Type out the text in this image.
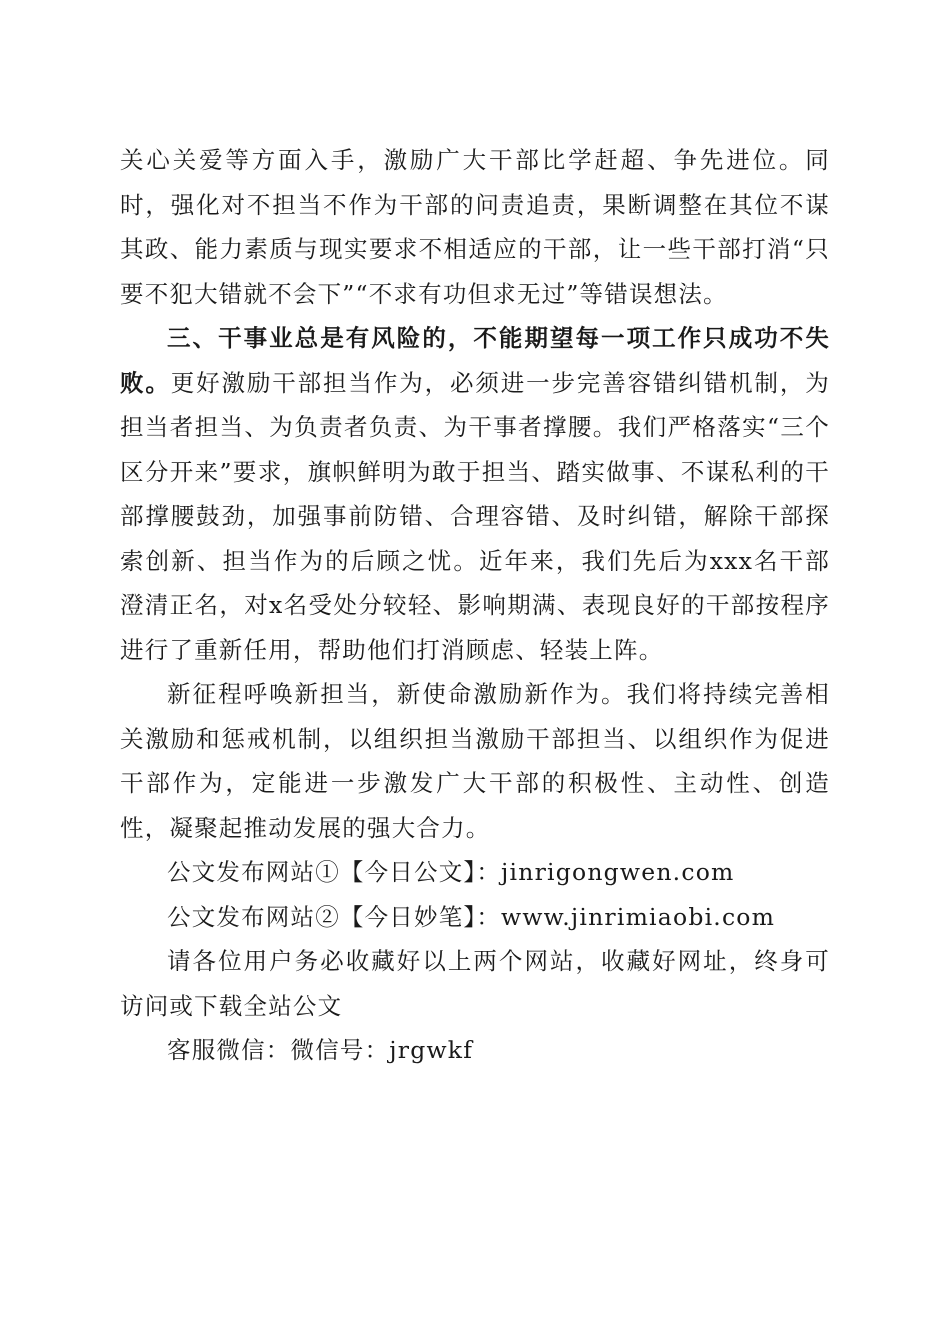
关心关爱等方面入手，激励广大干部比学赶超、争先进位。同时，强化对不担当不作为干部的问责追责，果断调整在其位不谋其政、能力素质与现实要求不相适应的干部，让一些干部打消“只要不犯大错就不会下”“不求有功但求无过”等错误想法。

三、干事业总是有风险的，不能期望每一项工作只成功不失败。更好激励干部担当作为，必须进一步完善容错纠错机制，为担当者担当、为负责者负责、为干事者撑腰。我们严格落实“三个区分开来”要求，旗帜鲜明为敢于担当、踏实做事、不谋私利的干部撑腰鼓劲，加强事前防错、合理容错、及时纠错，解除干部探索创新、担当作为的后顾之忧。近年来，我们先后为xxx名干部澄清正名，对x名受处分较轻、影响期满、表现良好的干部按程序进行了重新任用，帮助他们打消顾虑、轻装上阵。

新征程呼唤新担当，新使命激励新作为。我们将持续完善相关激励和惩戒机制，以组织担当激励干部担当、以组织作为促进干部作为，定能进一步激发广大干部的积极性、主动性、创造性，凝聚起推动发展的强大合力。

公文发布网站①【今日公文】：jinrigongwen.com

公文发布网站②【今日妙笔】：www.jinrimiaobi.com

请各位用户务必收藏好以上两个网站，收藏好网址，终身可访问或下载全站公文

客服微信：微信号：jrgwkf
